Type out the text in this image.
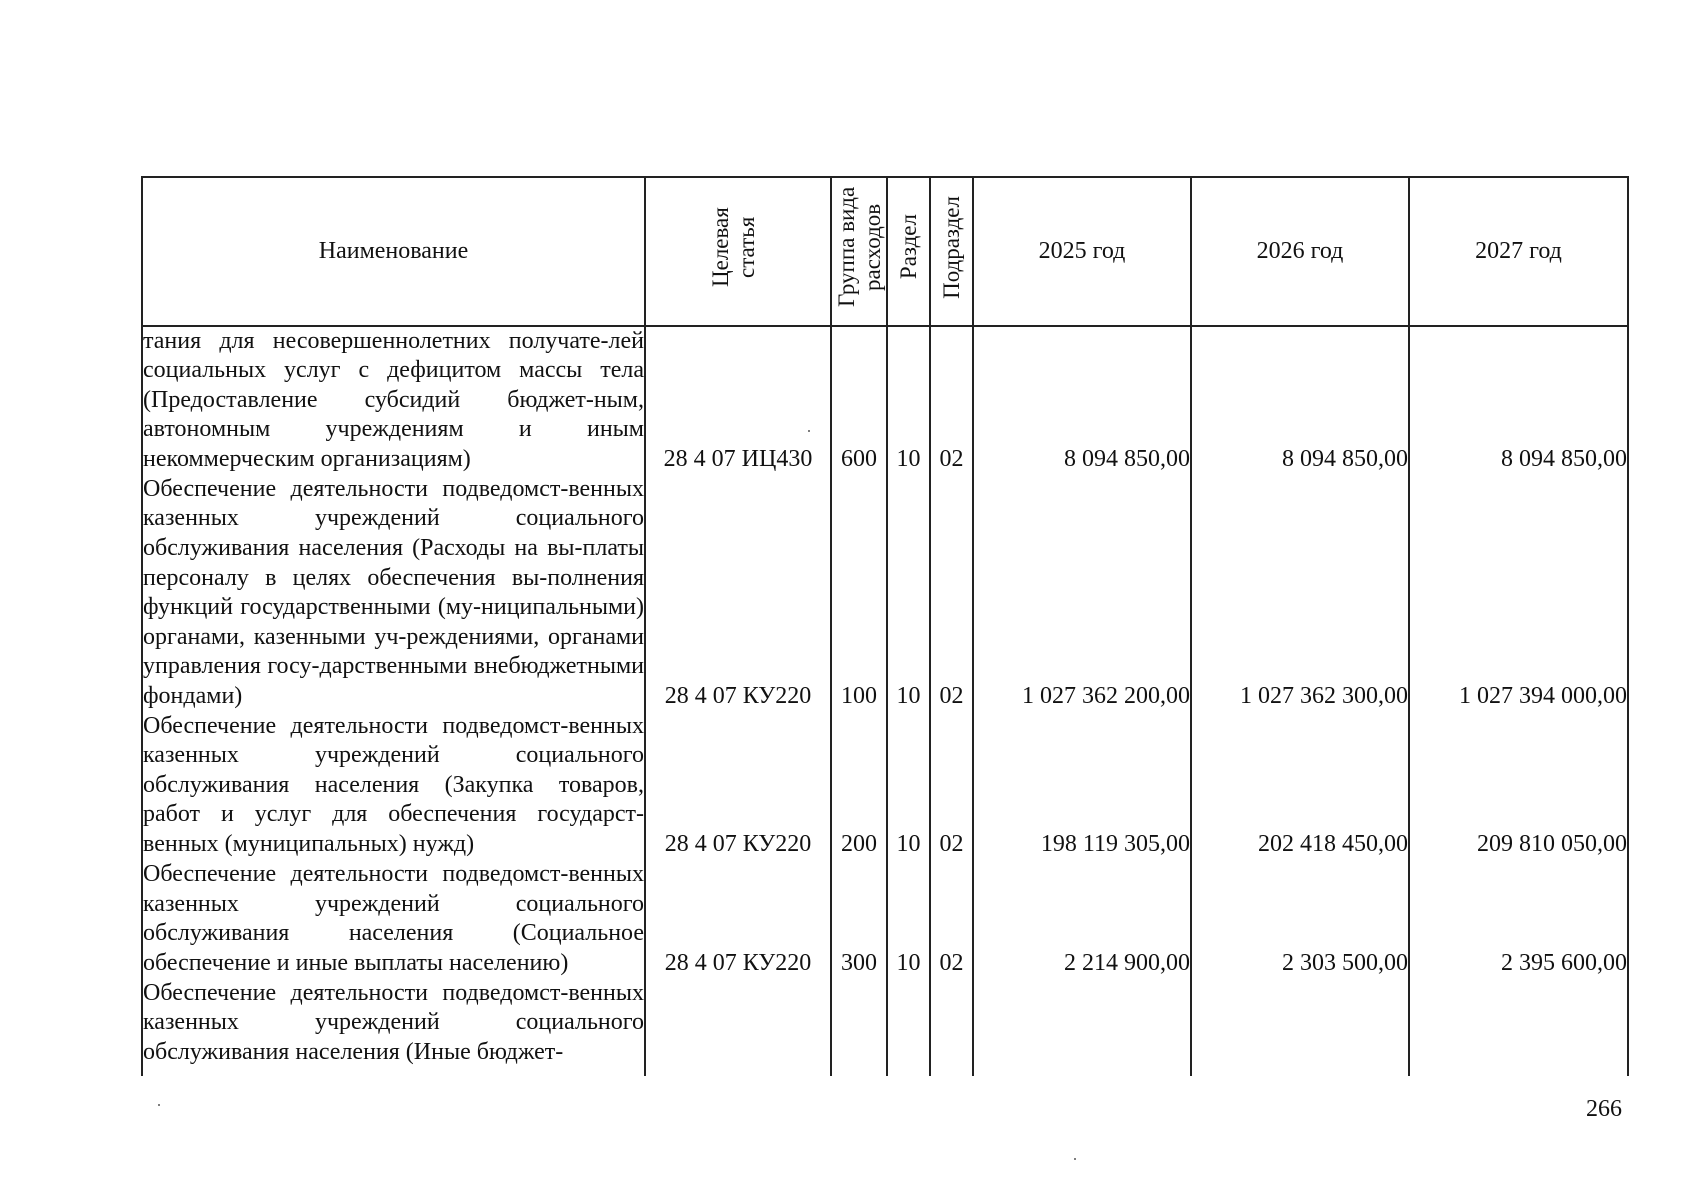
Наименование	Целевая статья	Группа вида расходов	Раздел	Подраздел	2025 год	2026 год	2027 год
тания для несовершеннолетних получате-лей социальных услуг с дефицитом массы тела (Предоставление субсидий бюджет-ным, автономным учреждениям и иным некоммерческим организациям)	28 4 07 ИЦ430	600	10	02	8 094 850,00	8 094 850,00	8 094 850,00
Обеспечение деятельности подведомст-венных казенных учреждений социального обслуживания населения (Расходы на вы-платы персоналу в целях обеспечения вы-полнения функций государственными (му-ниципальными) органами, казенными уч-реждениями, органами управления госу-дарственными внебюджетными фондами)	28 4 07 КУ220	100	10	02	1 027 362 200,00	1 027 362 300,00	1 027 394 000,00
Обеспечение деятельности подведомст-венных казенных учреждений социального обслуживания населения (Закупка товаров, работ и услуг для обеспечения государст-венных (муниципальных) нужд)	28 4 07 КУ220	200	10	02	198 119 305,00	202 418 450,00	209 810 050,00
Обеспечение деятельности подведомст-венных казенных учреждений социального обслуживания населения (Социальное обеспечение и иные выплаты населению)	28 4 07 КУ220	300	10	02	2 214 900,00	2 303 500,00	2 395 600,00
Обеспечение деятельности подведомст-венных казенных учреждений социального обслуживания населения (Иные бюджет-							
266
